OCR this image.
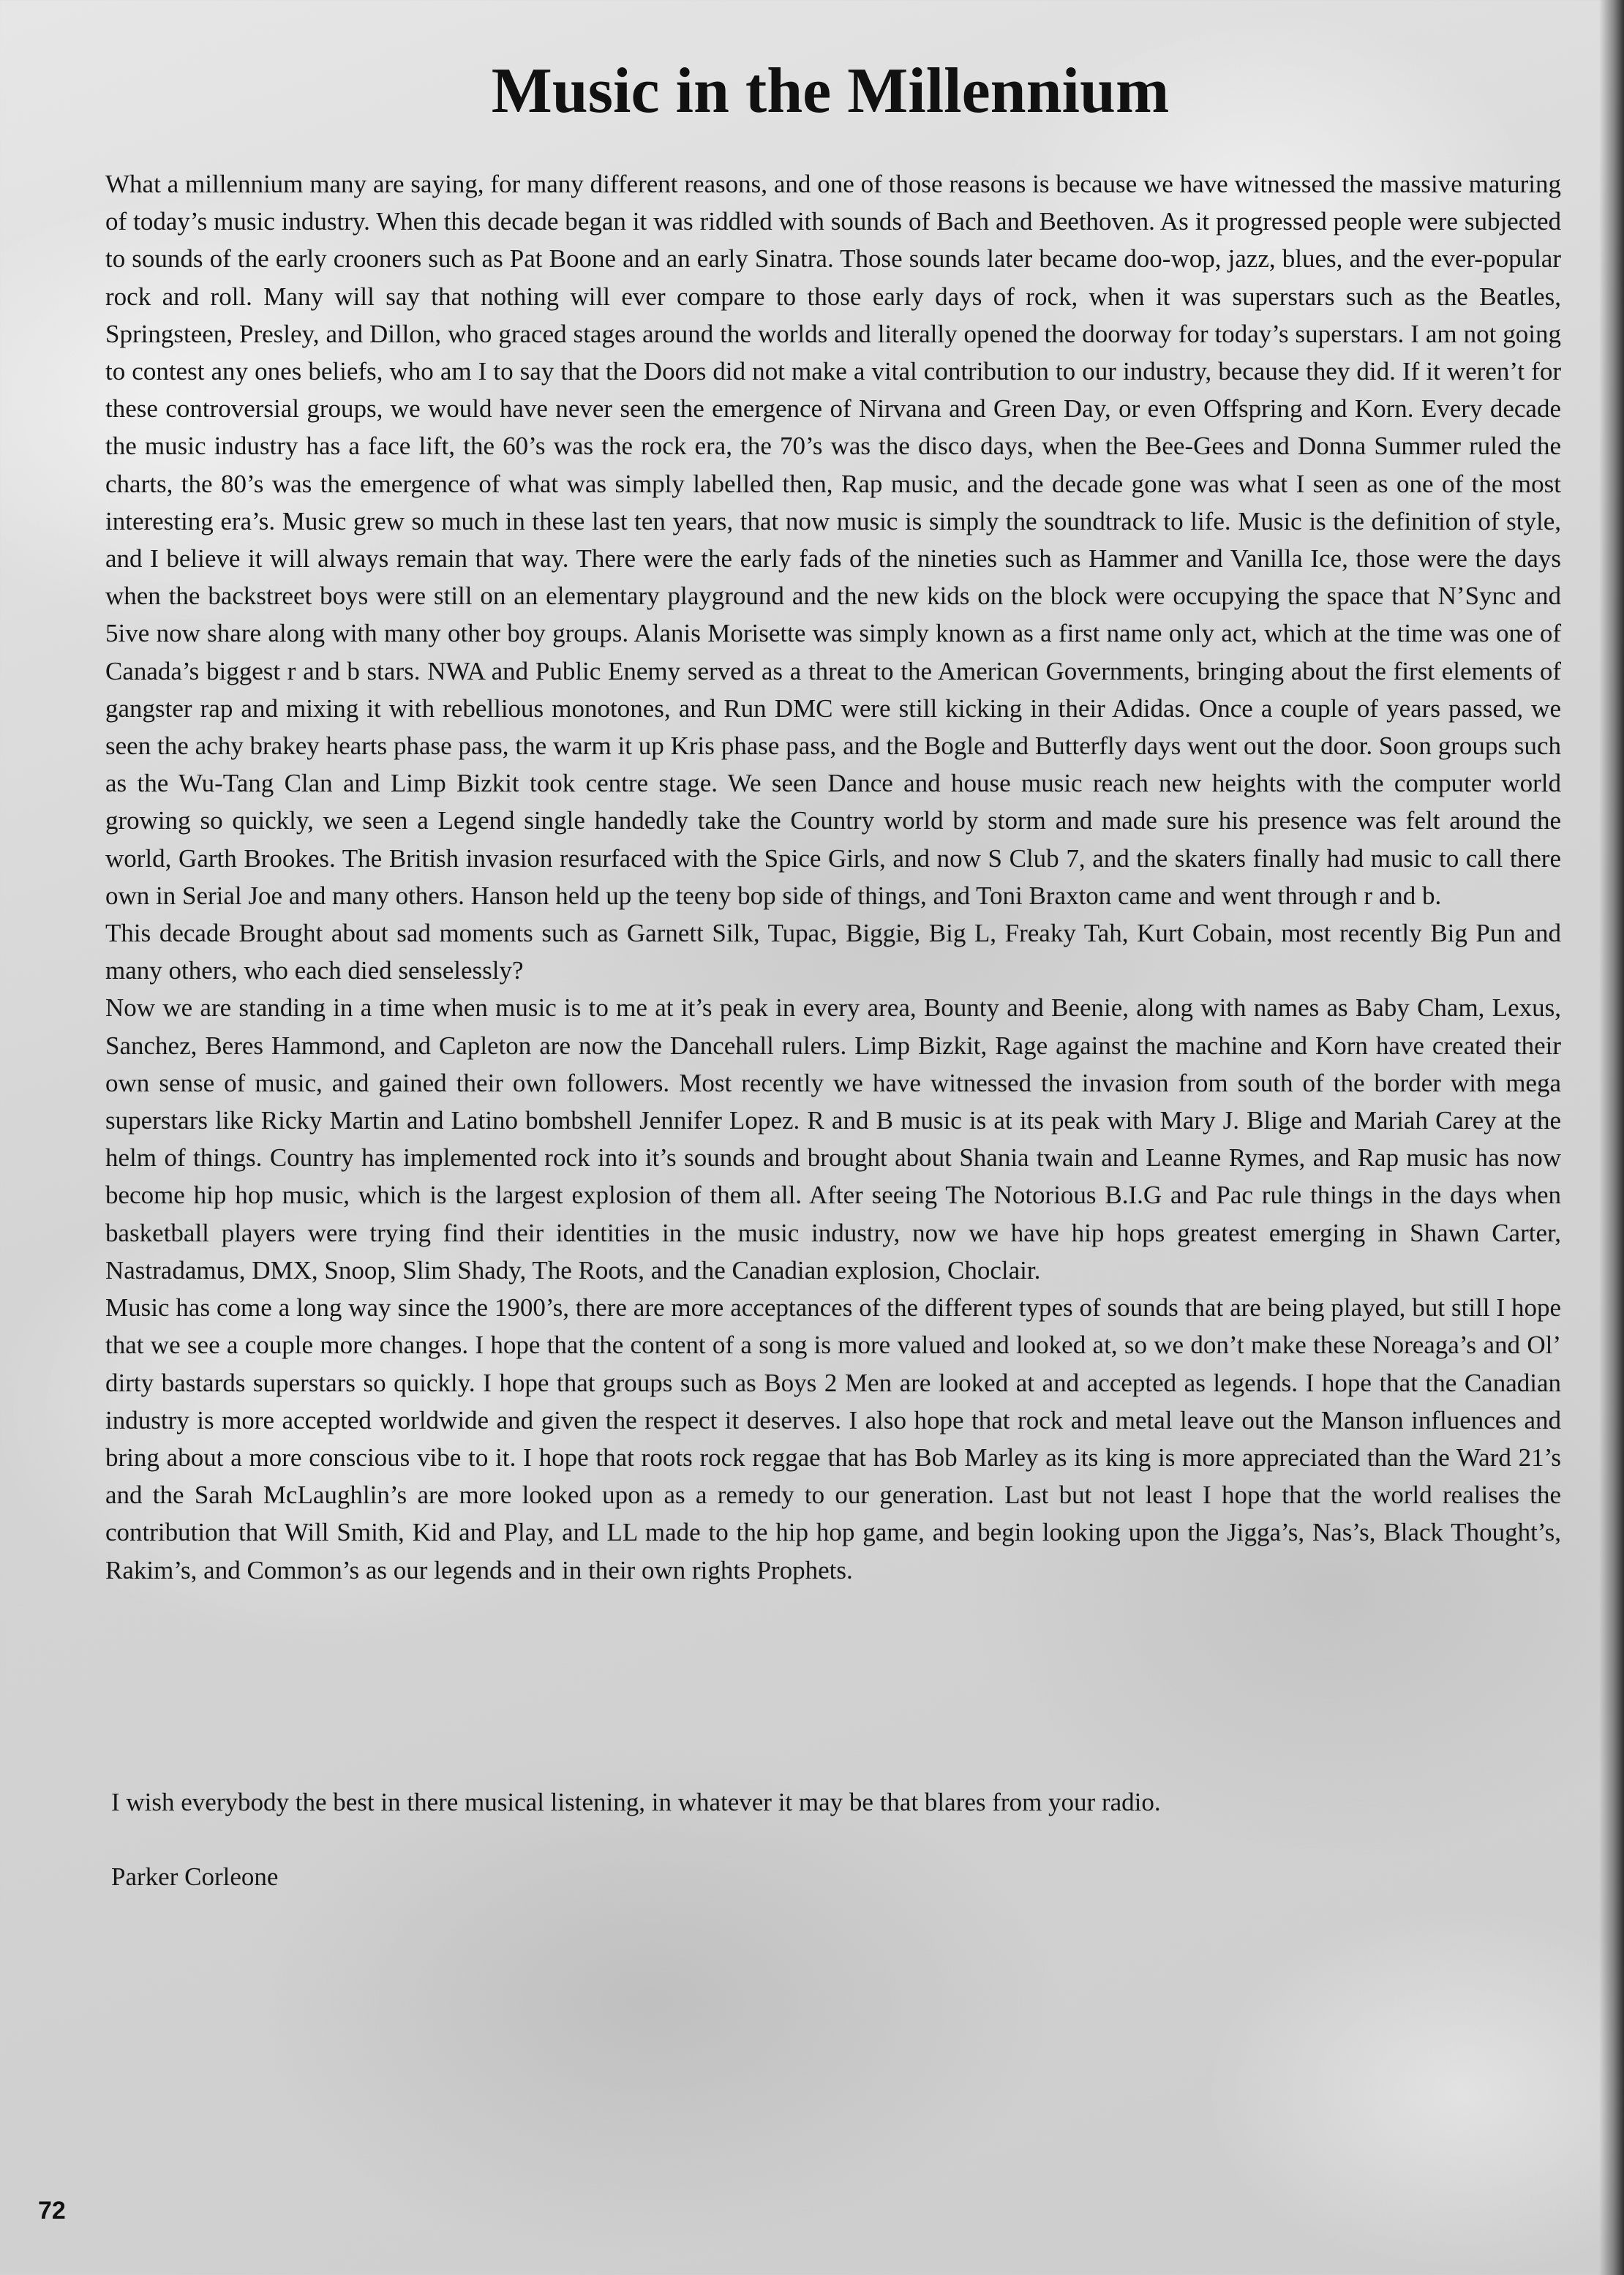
Music in the Millennium

What a millennium many are saying, for many different reasons, and one of those reasons is because we have witnessed the massive maturing of today’s music industry. When this decade began it was riddled with sounds of Bach and Beethoven. As it progressed people were subjected to sounds of the early crooners such as Pat Boone and an early Sinatra. Those sounds later became doo-wop, jazz, blues, and the ever-popular rock and roll. Many will say that nothing will ever compare to those early days of rock, when it was superstars such as the Beatles, Springsteen, Presley, and Dillon, who graced stages around the worlds and literally opened the doorway for today’s superstars. I am not going to contest any ones beliefs, who am I to say that the Doors did not make a vital contribution to our industry, because they did. If it weren’t for these controversial groups, we would have never seen the emergence of Nirvana and Green Day, or even Offspring and Korn. Every decade the music industry has a face lift, the 60’s was the rock era, the 70’s was the disco days, when the Bee-Gees and Donna Summer ruled the charts, the 80’s was the emergence of what was simply labelled then, Rap music, and the decade gone was what I seen as one of the most interesting era’s. Music grew so much in these last ten years, that now music is simply the soundtrack to life. Music is the definition of style, and I believe it will always remain that way. There were the early fads of the nineties such as Hammer and Vanilla Ice, those were the days when the backstreet boys were still on an elementary playground and the new kids on the block were occupying the space that N’Sync and 5ive now share along with many other boy groups. Alanis Morisette was simply known as a first name only act, which at the time was one of Canada’s biggest r and b stars. NWA and Public Enemy served as a threat to the American Governments, bringing about the first elements of gangster rap and mixing it with rebellious monotones, and Run DMC were still kicking in their Adidas. Once a couple of years passed, we seen the achy brakey hearts phase pass, the warm it up Kris phase pass, and the Bogle and Butterfly days went out the door. Soon groups such as the Wu-Tang Clan and Limp Bizkit took centre stage. We seen Dance and house music reach new heights with the computer world growing so quickly, we seen a Legend single handedly take the Country world by storm and made sure his presence was felt around the world, Garth Brookes. The British invasion resurfaced with the Spice Girls, and now S Club 7, and the skaters finally had music to call there own in Serial Joe and many others. Hanson held up the teeny bop side of things, and Toni Braxton came and went through r and b.

This decade Brought about sad moments such as Garnett Silk, Tupac, Biggie, Big L, Freaky Tah, Kurt Cobain, most recently Big Pun and many others, who each died senselessly?

Now we are standing in a time when music is to me at it’s peak in every area, Bounty and Beenie, along with names as Baby Cham, Lexus, Sanchez, Beres Hammond, and Capleton are now the Dancehall rulers. Limp Bizkit, Rage against the machine and Korn have created their own sense of music, and gained their own followers. Most recently we have witnessed the invasion from south of the border with mega superstars like Ricky Martin and Latino bombshell Jennifer Lopez. R and B music is at its peak with Mary J. Blige and Mariah Carey at the helm of things. Country has implemented rock into it’s sounds and brought about Shania twain and Leanne Rymes, and Rap music has now become hip hop music, which is the largest explosion of them all. After seeing The Notorious B.I.G and Pac rule things in the days when basketball players were trying find their identities in the music industry, now we have hip hops greatest emerging in Shawn Carter, Nastradamus, DMX, Snoop, Slim Shady, The Roots, and the Canadian explosion, Choclair.

Music has come a long way since the 1900’s, there are more acceptances of the different types of sounds that are being played, but still I hope that we see a couple more changes. I hope that the content of a song is more valued and looked at, so we don’t make these Noreaga’s and Ol’ dirty bastards superstars so quickly. I hope that groups such as Boys 2 Men are looked at and accepted as legends. I hope that the Canadian industry is more accepted worldwide and given the respect it deserves. I also hope that rock and metal leave out the Manson influences and bring about a more conscious vibe to it. I hope that roots rock reggae that has Bob Marley as its king is more appreciated than the Ward 21’s and the Sarah McLaughlin’s are more looked upon as a remedy to our generation. Last but not least I hope that the world realises the contribution that Will Smith, Kid and Play, and LL made to the hip hop game, and begin looking upon the Jigga’s, Nas’s, Black Thought’s, Rakim’s, and Common’s as our legends and in their own rights Prophets.

I wish everybody the best in there musical listening, in whatever it may be that blares from your radio.

Parker Corleone

72
